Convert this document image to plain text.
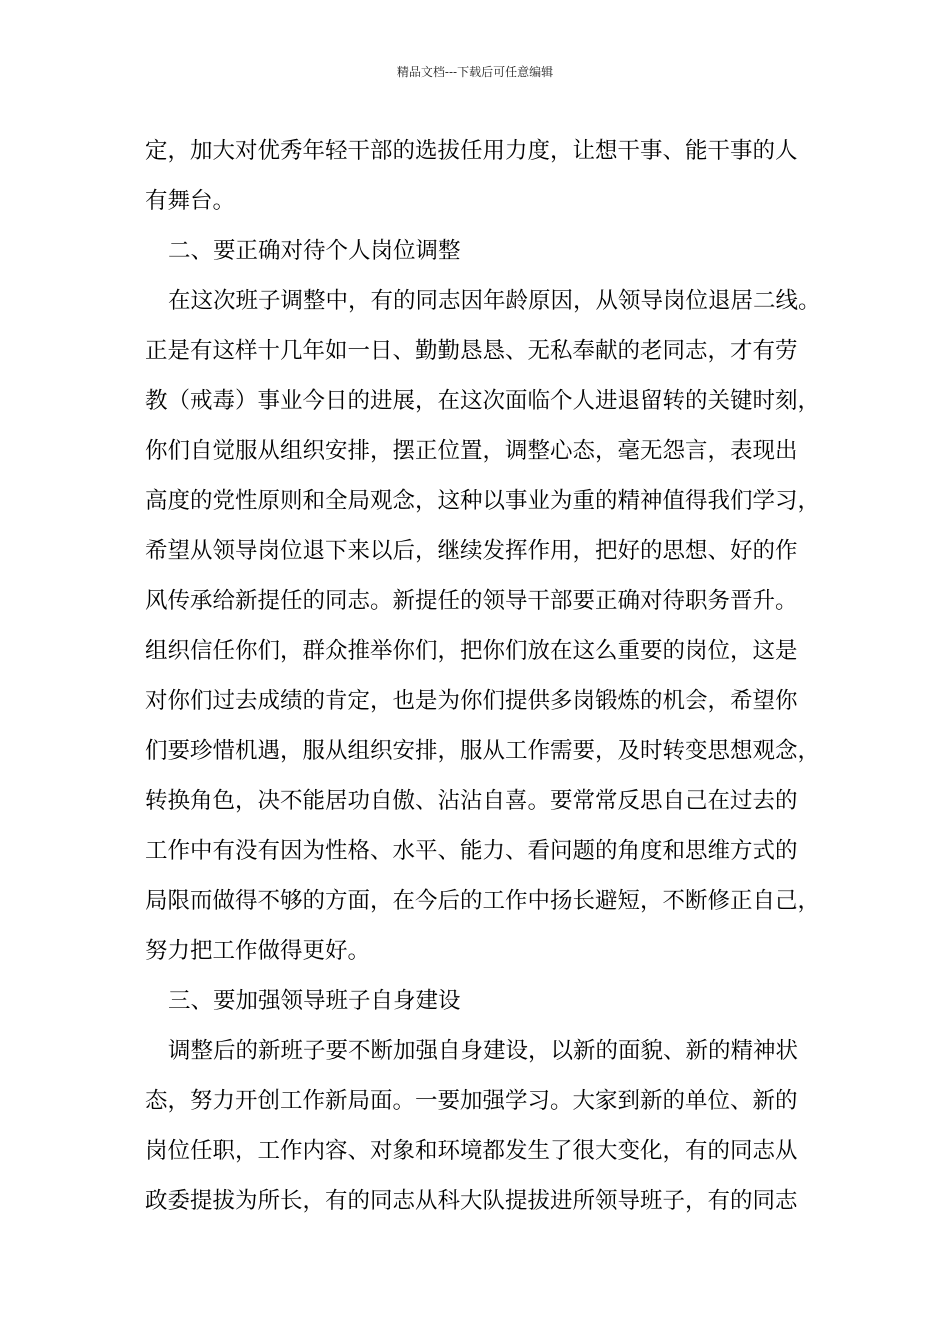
精品文档---下载后可任意编辑
定，加大对优秀年轻干部的选拔任用力度，让想干事、能干事的人
有舞台。
二、要正确对待个人岗位调整
在这次班子调整中，有的同志因年龄原因，从领导岗位退居二线。
正是有这样十几年如一日、勤勤恳恳、无私奉献的老同志，才有劳
教（戒毒）事业今日的进展，在这次面临个人进退留转的关键时刻，
你们自觉服从组织安排，摆正位置，调整心态，毫无怨言，表现出
高度的党性原则和全局观念，这种以事业为重的精神值得我们学习，
希望从领导岗位退下来以后，继续发挥作用，把好的思想、好的作
风传承给新提任的同志。新提任的领导干部要正确对待职务晋升。
组织信任你们，群众推举你们，把你们放在这么重要的岗位，这是
对你们过去成绩的肯定，也是为你们提供多岗锻炼的机会，希望你
们要珍惜机遇，服从组织安排，服从工作需要，及时转变思想观念，
转换角色，决不能居功自傲、沾沾自喜。要常常反思自己在过去的
工作中有没有因为性格、水平、能力、看问题的角度和思维方式的
局限而做得不够的方面，在今后的工作中扬长避短，不断修正自己，
努力把工作做得更好。
三、要加强领导班子自身建设
调整后的新班子要不断加强自身建设，以新的面貌、新的精神状
态，努力开创工作新局面。一要加强学习。大家到新的单位、新的
岗位任职，工作内容、对象和环境都发生了很大变化，有的同志从
政委提拔为所长，有的同志从科大队提拔进所领导班子，有的同志
